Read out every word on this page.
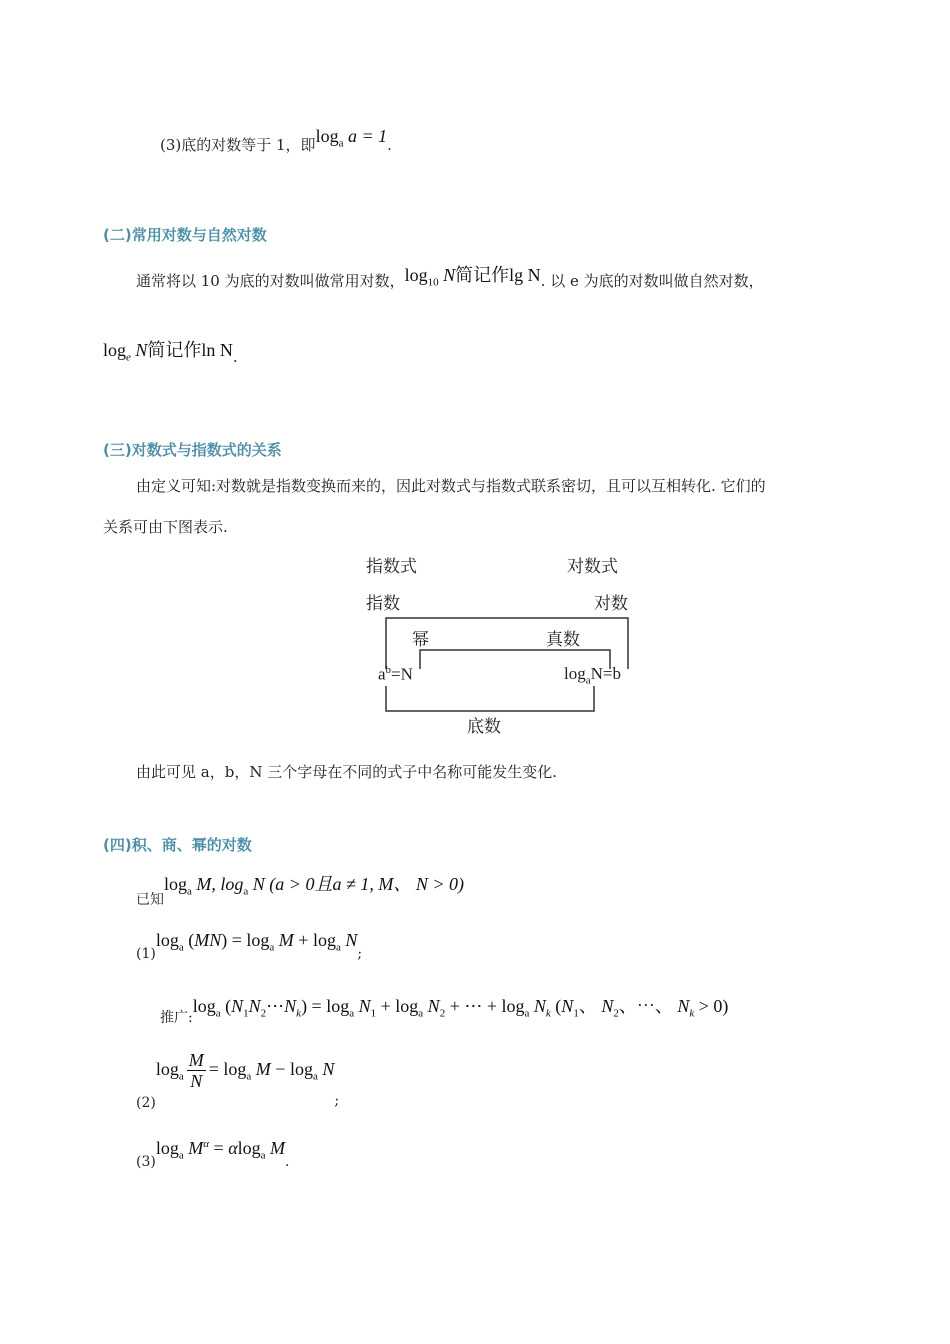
(3)底的对数等于 1，即$\log_a a = 1$.
(二)常用对数与自然对数
通常将以 10 为底的对数叫做常用对数，$\log_{10} N$简记作lg N. 以 e 为底的对数叫做自然对数，
$\log_e N$简记作ln N.
(三)对数式与指数式的关系
由定义可知:对数就是指数变换而来的，因此对数式与指数式联系密切，且可以互相转化. 它们的
关系可由下图表示.
指数式	对数式
指数	对数
幂	真数
$a^b=N$	$\log_aN=b$
底数
由此可见 a，b，N 三个字母在不同的式子中名称可能发生变化.
(四)积、商、幂的对数
已知$\log_a M$, $\log_a N$ (a > 0且a ≠ 1, M、 N > 0)
$(1)\log_a$ $(MN) = \log_a M + \log_a N$;
推广$:\log_a$ $(N_1N_2\cdots N_k) = \log_a N_1 + \log_a N_2$ + ⋯ + $\log_a N_k$ ($N_1$、 $N_2$、⋯、 $N_k > 0$)
$(2)\log_a \frac{M}{N} = \log_a M - \log_a N$;
$(3)\log_a$ $M^\alpha = \alpha\log_a$ M.
